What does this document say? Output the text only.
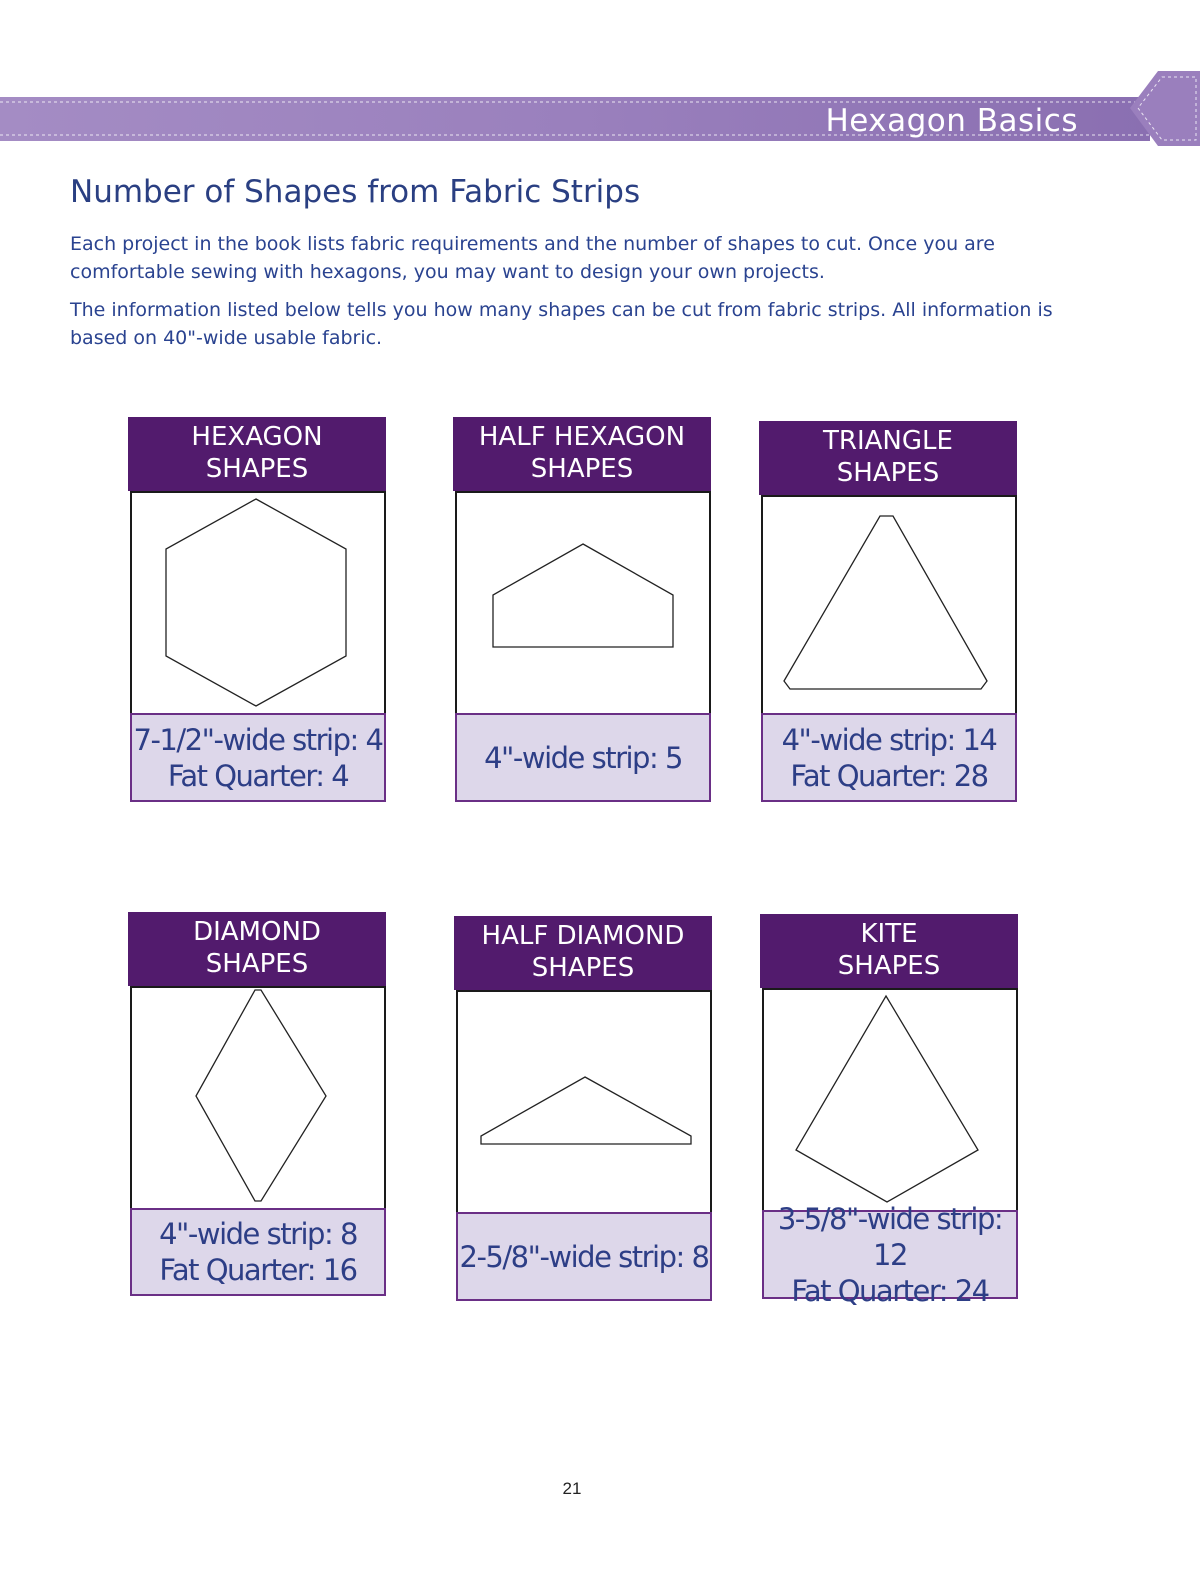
Hexagon Basics
Number of Shapes from Fabric Strips

Each project in the book lists fabric requirements and the number of shapes to cut. Once you are comfortable sewing with hexagons, you may want to design your own projects.

The information listed below tells you how many shapes can be cut from fabric strips. All information is based on 40"-wide usable fabric.

HEXAGON
SHAPES
7-1/2"-wide strip: 4
Fat Quarter: 4
HALF HEXAGON
SHAPES
4"-wide strip: 5
TRIANGLE
SHAPES
4"-wide strip: 14
Fat Quarter: 28
DIAMOND
SHAPES
4"-wide strip: 8
Fat Quarter: 16
HALF DIAMOND
SHAPES
2-5/8"-wide strip: 8
KITE
SHAPES
3-5/8"-wide strip: 12
Fat Quarter: 24
21
